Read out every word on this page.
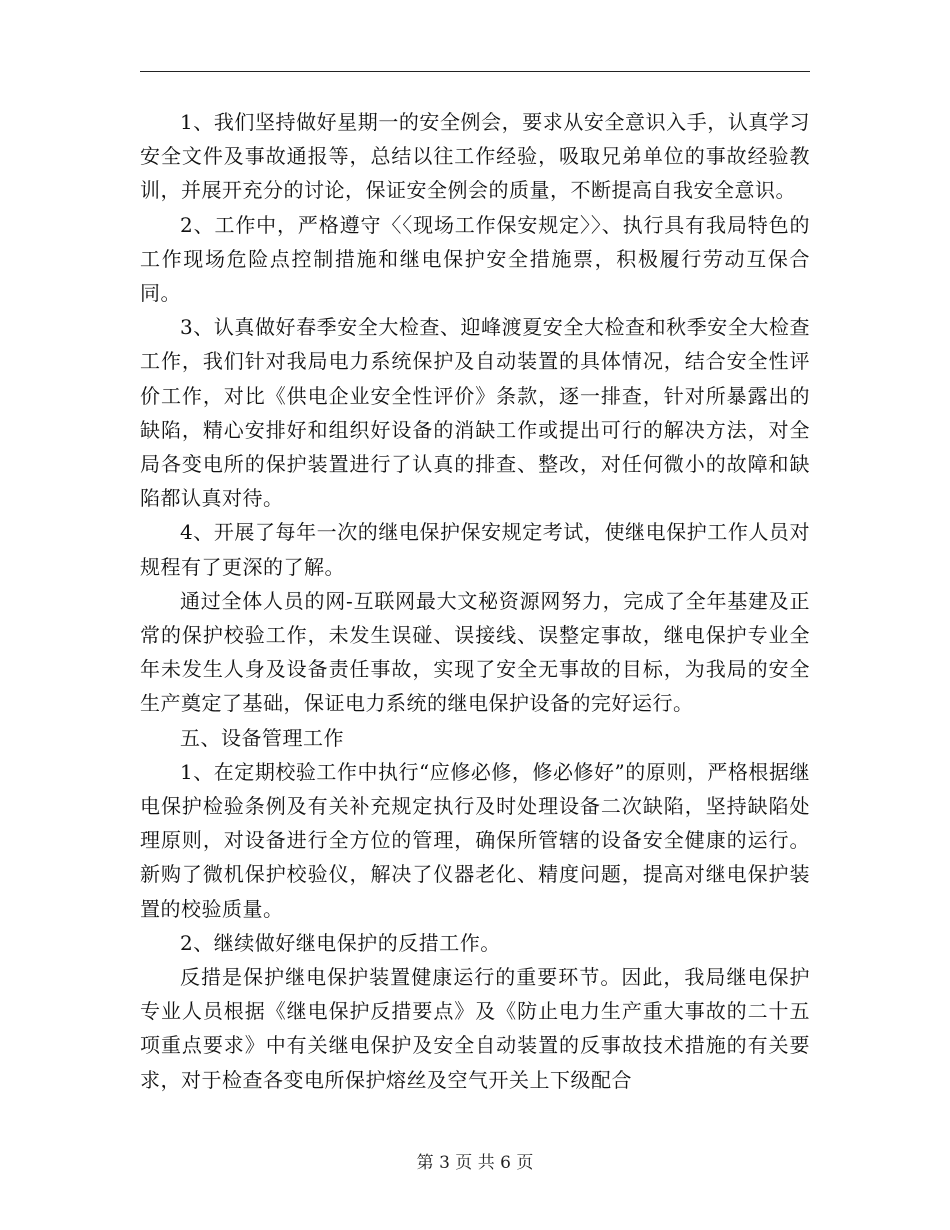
1、我们坚持做好星期一的安全例会，要求从安全意识入手，认真学习安全文件及事故通报等，总结以往工作经验，吸取兄弟单位的事故经验教训，并展开充分的讨论，保证安全例会的质量，不断提高自我安全意识。

2、工作中，严格遵守〈〈现场工作保安规定〉〉、执行具有我局特色的工作现场危险点控制措施和继电保护安全措施票，积极履行劳动互保合同。

3、认真做好春季安全大检查、迎峰渡夏安全大检查和秋季安全大检查工作，我们针对我局电力系统保护及自动装置的具体情况，结合安全性评价工作，对比《供电企业安全性评价》条款，逐一排查，针对所暴露出的缺陷，精心安排好和组织好设备的消缺工作或提出可行的解决方法，对全局各变电所的保护装置进行了认真的排查、整改，对任何微小的故障和缺陷都认真对待。

4、开展了每年一次的继电保护保安规定考试，使继电保护工作人员对规程有了更深的了解。

通过全体人员的网-互联网最大文秘资源网努力，完成了全年基建及正常的保护校验工作，未发生误碰、误接线、误整定事故，继电保护专业全年未发生人身及设备责任事故，实现了安全无事故的目标，为我局的安全生产奠定了基础，保证电力系统的继电保护设备的完好运行。

五、设备管理工作

1、在定期校验工作中执行“应修必修，修必修好”的原则，严格根据继电保护检验条例及有关补充规定执行及时处理设备二次缺陷，坚持缺陷处理原则，对设备进行全方位的管理，确保所管辖的设备安全健康的运行。新购了微机保护校验仪，解决了仪器老化、精度问题，提高对继电保护装置的校验质量。

2、继续做好继电保护的反措工作。

反措是保护继电保护装置健康运行的重要环节。因此，我局继电保护专业人员根据《继电保护反措要点》及《防止电力生产重大事故的二十五项重点要求》中有关继电保护及安全自动装置的反事故技术措施的有关要求，对于检查各变电所保护熔丝及空气开关上下级配合

第 3 页 共 6 页
